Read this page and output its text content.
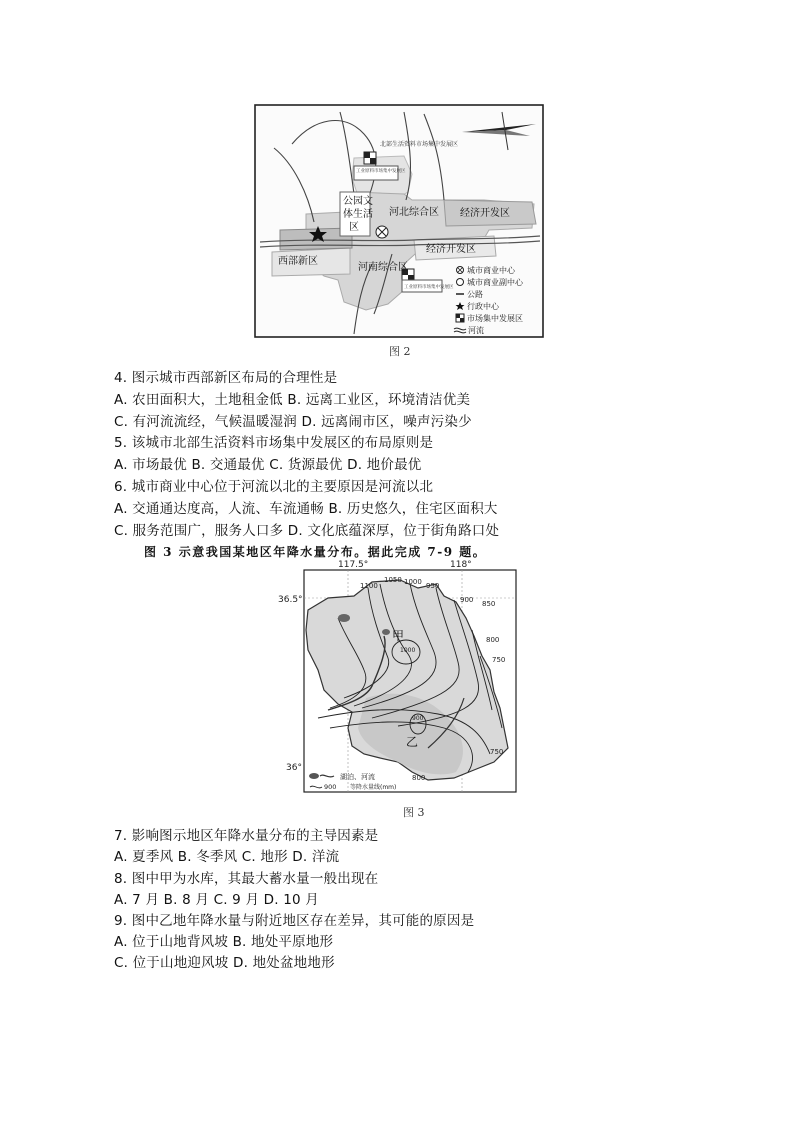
北部生活资料市场集中发展区
工业原料市场集中发展区
公园文
体生活
区
河北综合区 经济开发区
经济开发区
西部新区
河南综合区
工业原料市场集中发展区
城市商业中心
城市商业副中心
公路
行政中心
市场集中发展区
河流
图 2
4. 图示城市西部新区布局的合理性是
A. 农田面积大，土地租金低 B. 远离工业区，环境清洁优美
C. 有河流流经，气候温暖湿润 D. 远离闹市区，噪声污染少
5. 该城市北部生活资料市场集中发展区的布局原则是
A. 市场最优 B. 交通最优 C. 货源最优 D. 地价最优
6. 城市商业中心位于河流以北的主要原因是河流以北
A. 交通通达度高，人流、车流通畅 B. 历史悠久，住宅区面积大
C. 服务范围广，服务人口多 D. 文化底蕴深厚，位于街角路口处
图 3 示意我国某地区年降水量分布。据此完成 7-9 题。
117.5°	118°
36.5°
36°
1100
1050 1000 950
900 850
800
750
1000
900
750
800
甲
乙
湖泊、河流
900 等降水量线(mm)
图 3
7. 影响图示地区年降水量分布的主导因素是
A. 夏季风 B. 冬季风 C. 地形 D. 洋流
8. 图中甲为水库，其最大蓄水量一般出现在
A. 7 月 B. 8 月 C. 9 月 D. 10 月
9. 图中乙地年降水量与附近地区存在差异，其可能的原因是
A. 位于山地背风坡 B. 地处平原地形
C. 位于山地迎风坡 D. 地处盆地地形
